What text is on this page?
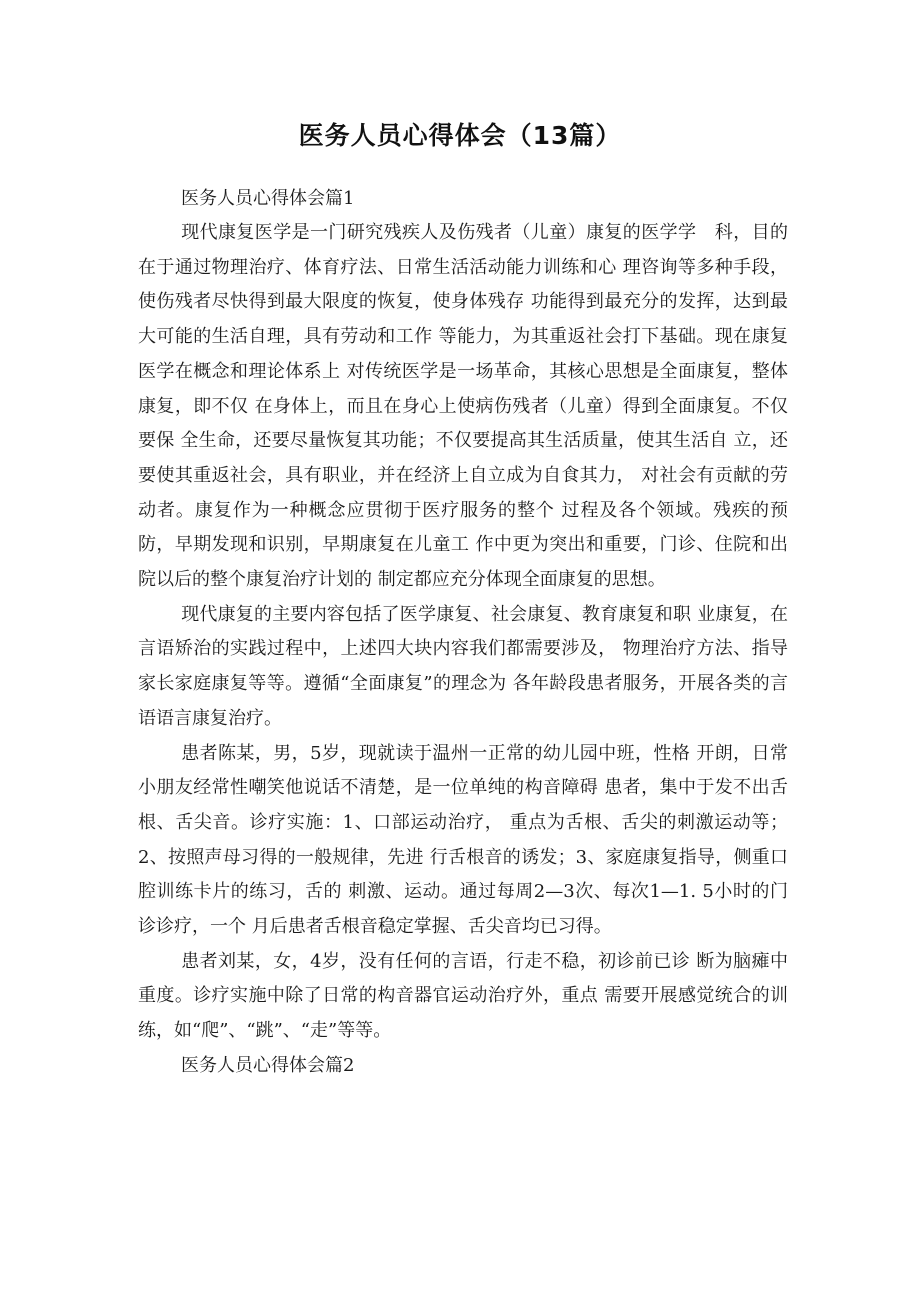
医务人员心得体会（13篇）
医务人员心得体会篇1

现代康复医学是一门研究残疾人及伤残者（儿童）康复的医学学　科，目的在于通过物理治疗、体育疗法、日常生活活动能力训练和心 理咨询等多种手段，使伤残者尽快得到最大限度的恢复，使身体残存 功能得到最充分的发挥，达到最大可能的生活自理，具有劳动和工作 等能力，为其重返社会打下基础。现在康复医学在概念和理论体系上 对传统医学是一场革命，其核心思想是全面康复，整体康复，即不仅 在身体上，而且在身心上使病伤残者（儿童）得到全面康复。不仅要保 全生命，还要尽量恢复其功能；不仅要提高其生活质量，使其生活自 立，还要使其重返社会，具有职业，并在经济上自立成为自食其力， 对社会有贡献的劳动者。康复作为一种概念应贯彻于医疗服务的整个 过程及各个领域。残疾的预防，早期发现和识别，早期康复在儿童工 作中更为突出和重要，门诊、住院和出院以后的整个康复治疗计划的 制定都应充分体现全面康复的思想。

现代康复的主要内容包括了医学康复、社会康复、教育康复和职 业康复，在言语矫治的实践过程中，上述四大块内容我们都需要涉及， 物理治疗方法、指导家长家庭康复等等。遵循“全面康复”的理念为 各年龄段患者服务，开展各类的言语语言康复治疗。

患者陈某，男，5岁，现就读于温州一正常的幼儿园中班，性格 开朗，日常小朋友经常性嘲笑他说话不清楚，是一位单纯的构音障碍 患者，集中于发不出舌根、舌尖音。诊疗实施：1、口部运动治疗， 重点为舌根、舌尖的刺激运动等；2、按照声母习得的一般规律，先进 行舌根音的诱发；3、家庭康复指导，侧重口腔训练卡片的练习，舌的 刺激、运动。通过每周2—3次、每次1—1. 5小时的门诊诊疗，一个 月后患者舌根音稳定掌握、舌尖音均已习得。

患者刘某，女，4岁，没有任何的言语，行走不稳，初诊前已诊 断为脑瘫中重度。诊疗实施中除了日常的构音器官运动治疗外，重点 需要开展感觉统合的训练，如“爬”、“跳”、“走”等等。

医务人员心得体会篇2
